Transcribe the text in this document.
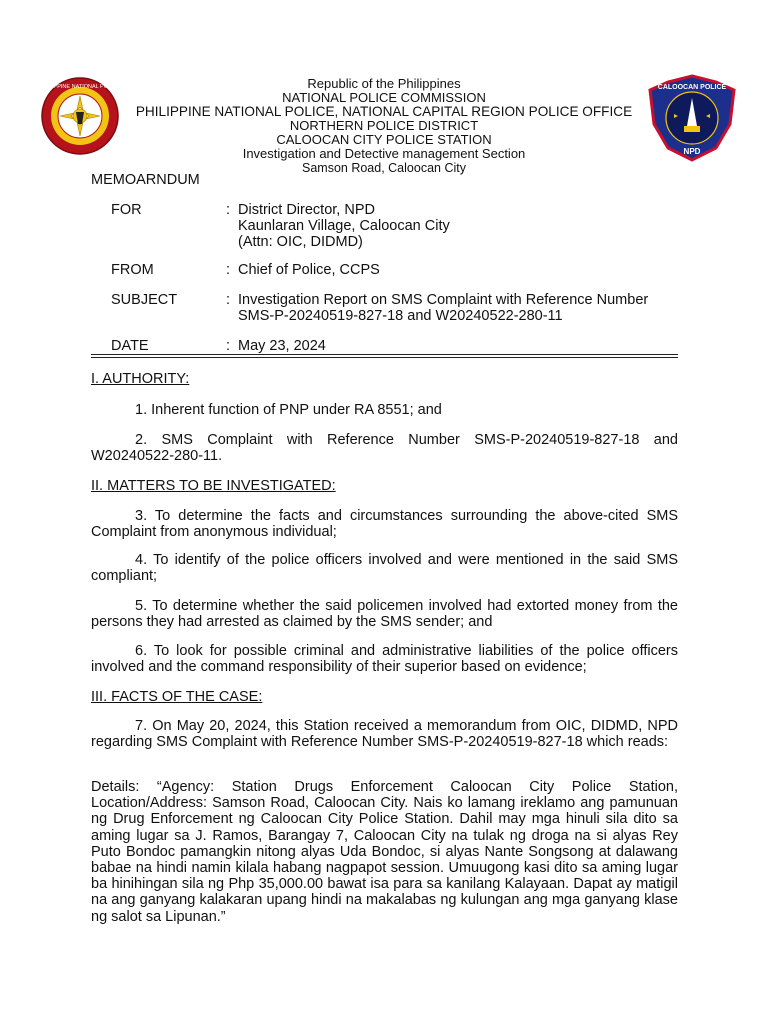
PHILIPPINE NATIONAL POLICE	CALOOCAN POLICE
NPD
Republic of the Philippines
NATIONAL POLICE COMMISSION
PHILIPPINE NATIONAL POLICE, NATIONAL CAPITAL REGION POLICE OFFICE
NORTHERN POLICE DISTRICT
CALOOCAN CITY POLICE STATION
Investigation and Detective management Section
Samson Road, Caloocan City
MEMOARNDUM
FOR	: District Director, NPD
Kaunlaran Village, Caloocan City
(Attn: OIC, DIDMD)
FROM	: Chief of Police, CCPS
SUBJECT	: Investigation Report on SMS Complaint with Reference Number
SMS-P-20240519-827-18 and W20240522-280-11
DATE	: May 23, 2024
I. AUTHORITY:
1. Inherent function of PNP under RA 8551; and
2. SMS Complaint with Reference Number SMS-P-20240519-827-18 and W20240522-280-11.
II. MATTERS TO BE INVESTIGATED:
3. To determine the facts and circumstances surrounding the above-cited SMS Complaint from anonymous individual;
4. To identify of the police officers involved and were mentioned in the said SMS compliant;
5. To determine whether the said policemen involved had extorted money from the persons they had arrested as claimed by the SMS sender; and
6. To look for possible criminal and administrative liabilities of the police officers involved and the command responsibility of their superior based on evidence;
III. FACTS OF THE CASE:
7. On May 20, 2024, this Station received a memorandum from OIC, DIDMD, NPD regarding SMS Complaint with Reference Number SMS-P-20240519-827-18 which reads:
Details: “Agency: Station Drugs Enforcement Caloocan City Police Station, Location/Address: Samson Road, Caloocan City. Nais ko lamang ireklamo ang pamunuan ng Drug Enforcement ng Caloocan City Police Station. Dahil may mga hinuli sila dito sa aming lugar sa J. Ramos, Barangay 7, Caloocan City na tulak ng droga na si alyas Rey Puto Bondoc pamangkin nitong alyas Uda Bondoc, si alyas Nante Songsong at dalawang babae na hindi namin kilala habang nagpapot session. Umuugong kasi dito sa aming lugar ba hinihingan sila ng Php 35,000.00 bawat isa para sa kanilang Kalayaan. Dapat ay matigil na ang ganyang kalakaran upang hindi na makalabas ng kulungan ang mga ganyang klase ng salot sa Lipunan.”
